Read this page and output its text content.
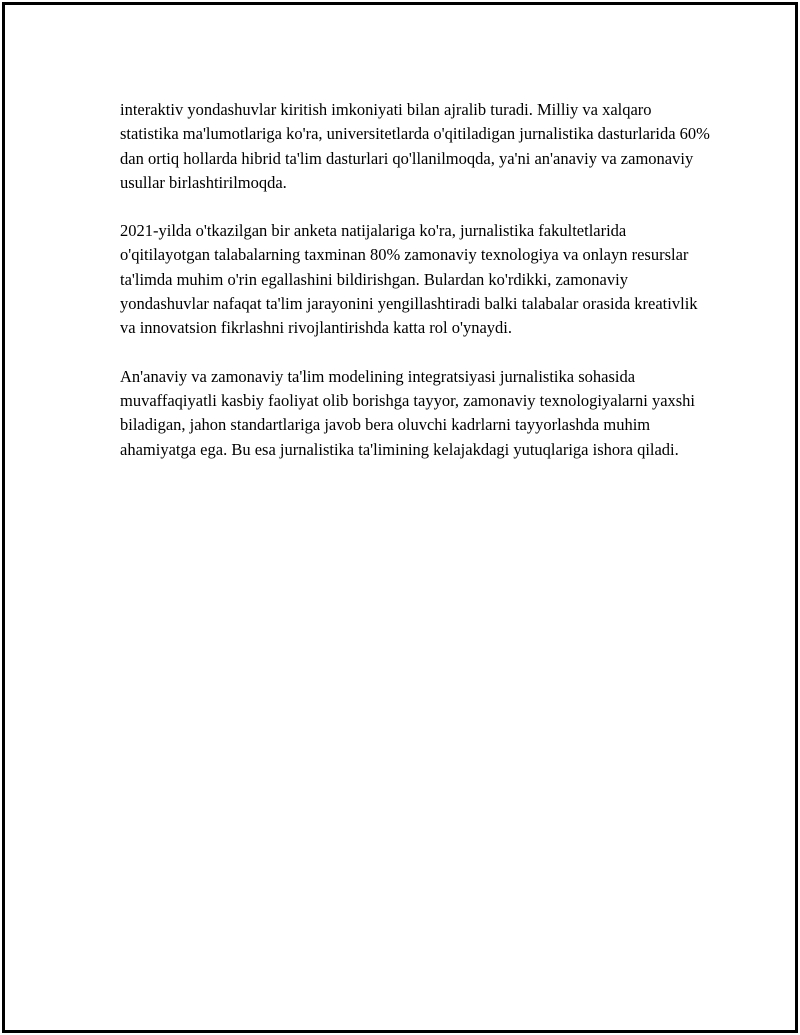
interaktiv yondashuvlar kiritish imkoniyati bilan ajralib turadi. Milliy va xalqaro statistika ma'lumotlariga ko'ra, universitetlarda o'qitiladigan jurnalistika dasturlarida 60% dan ortiq hollarda hibrid ta'lim dasturlari qo'llanilmoqda, ya'ni an'anaviy va zamonaviy usullar birlashtirilmoqda.

2021-yilda o'tkazilgan bir anketa natijalariga ko'ra, jurnalistika fakultetlarida o'qitilayotgan talabalarning taxminan 80% zamonaviy texnologiya va onlayn resurslar ta'limda muhim o'rin egallashini bildirishgan. Bulardan ko'rdikki, zamonaviy yondashuvlar nafaqat ta'lim jarayonini yengillashtiradi balki talabalar orasida kreativlik va innovatsion fikrlashni rivojlantirishda katta rol o'ynaydi.

An'anaviy va zamonaviy ta'lim modelining integratsiyasi jurnalistika sohasida muvaffaqiyatli kasbiy faoliyat olib borishga tayyor, zamonaviy texnologiyalarni yaxshi biladigan, jahon standartlariga javob bera oluvchi kadrlarni tayyorlashda muhim ahamiyatga ega. Bu esa jurnalistika ta'limining kelajakdagi yutuqlariga ishora qiladi.
